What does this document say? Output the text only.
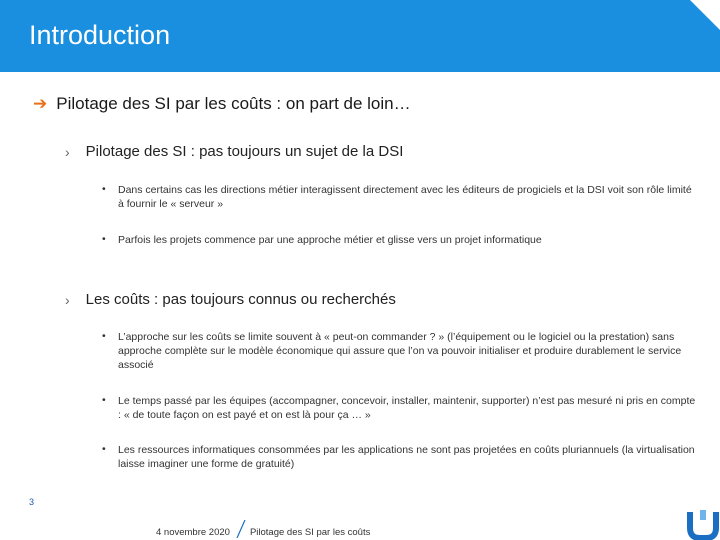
Introduction
➔ Pilotage des SI par les coûts : on part de loin…
› Pilotage des SI : pas toujours un sujet de la DSI
• Dans certains cas les directions métier interagissent directement avec les éditeurs de progiciels et la DSI voit son rôle limité à fournir le « serveur »
• Parfois les projets commence par une approche métier et glisse vers un projet informatique
› Les coûts : pas toujours connus ou recherchés
• L’approche sur les coûts se limite souvent à « peut-on commander ? » (l’équipement ou le logiciel ou la prestation) sans approche complète sur le modèle économique qui assure que l’on va pouvoir initialiser et produire durablement le service associé
• Le temps passé par les équipes (accompagner, concevoir, installer, maintenir, supporter) n’est pas mesuré ni pris en compte : « de toute façon on est payé et on est là pour ça … »
• Les ressources informatiques consommées par les applications ne sont pas projetées en coûts pluriannuels (la virtualisation laisse imaginer une forme de gratuité)
3
4 novembre 2020 Pilotage des SI par les coûts
